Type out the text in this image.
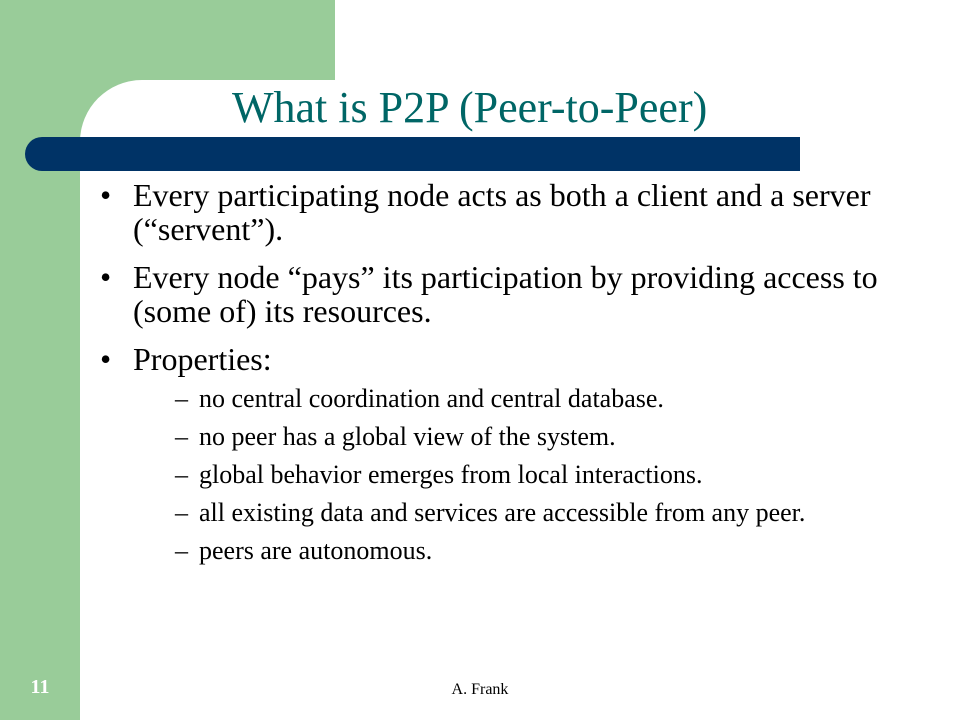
What is P2P (Peer-to-Peer)
• Every participating node acts as both a client and a server (“servent”).
• Every node “pays” its participation by providing access to (some of) its resources.
• Properties:
– no central coordination and central database.
– no peer has a global view of the system.
– global behavior emerges from local interactions.
– all existing data and services are accessible from any peer.
– peers are autonomous.
11	A. Frank
